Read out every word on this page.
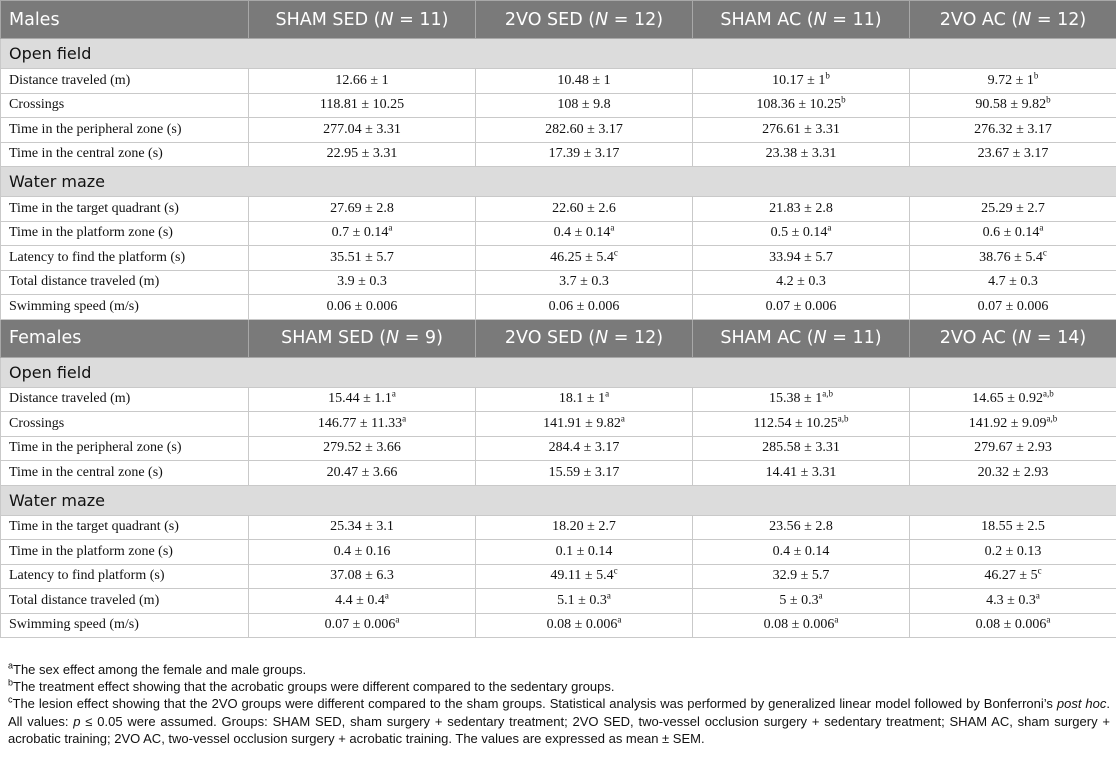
Males	SHAM SED (N = 11)	2VO SED (N = 12)	SHAM AC (N = 11)	2VO AC (N = 12)
Open field				
Distance traveled (m)	12.66 ± 1	10.48 ± 1	$10.17 \pm 1^b$	$9.72 \pm 1^b$
Crossings	118.81 ± 10.25	108 ± 9.8	108.36 ± 10.25$^b$	90.58 ± 9.82$^b$
Time in the peripheral zone (s)	277.04 ± 3.31	282.60 ± 3.17	276.61 ± 3.31	276.32 ± 3.17
Time in the central zone (s)	22.95 ± 3.31	17.39 ± 3.17	23.38 ± 3.31	23.67 ± 3.17
Water maze				
Time in the target quadrant (s)	27.69 ± 2.8	22.60 ± 2.6	21.83 ± 2.8	25.29 ± 2.7
Time in the platform zone (s)	0.7 ± 0.14$^a$	0.4 ± 0.14$^a$	0.5 ± 0.14$^a$	0.6 ± 0.14$^a$
Latency to find the platform (s)	35.51 ± 5.7	46.25 ± 5.4$^c$	33.94 ± 5.7	38.76 ± 5.4$^c$
Total distance traveled (m)	3.9 ± 0.3	3.7 ± 0.3	4.2 ± 0.3	4.7 ± 0.3
Swimming speed (m/s)	0.06 ± 0.006	0.06 ± 0.006	0.07 ± 0.006	0.07 ± 0.006
Females	SHAM SED (N = 9)	2VO SED (N = 12)	SHAM AC (N = 11)	2VO AC (N = 14)
Open field				
Distance traveled (m)	15.44 ± 1.1$^a$	$18.1 \pm 1^a$	$15.38 \pm 1^{a,b}$	$14.65 \pm 0.92^{a,b}$
Crossings	146.77 ± 11.33$^a$	141.91 ± 9.82$^a$	$112.54 \pm 10.25^{a,b}$	$141.92 \pm 9.09^{a,b}$
Time in the peripheral zone (s)	279.52 ± 3.66	284.4 ± 3.17	285.58 ± 3.31	279.67 ± 2.93
Time in the central zone (s)	20.47 ± 3.66	15.59 ± 3.17	14.41 ± 3.31	20.32 ± 2.93
Water maze				
Time in the target quadrant (s)	25.34 ± 3.1	18.20 ± 2.7	23.56 ± 2.8	18.55 ± 2.5
Time in the platform zone (s)	0.4 ± 0.16	0.1 ± 0.14	0.4 ± 0.14	0.2 ± 0.13
Latency to find platform (s)	37.08 ± 6.3	49.11 ± 5.4$^c$	32.9 ± 5.7	$46.27 \pm 5^c$
Total distance traveled (m)	4.4 ± 0.4$^a$	5.1 ± 0.3$^a$	5 ± 0.3$^a$	4.3 ± 0.3$^a$
Swimming speed (m/s)	0.07 ± 0.006$^a$	0.08 ± 0.006$^a$	0.08 ± 0.006$^a$	0.08 ± 0.006$^a$

$^a$The sex effect among the female and male groups.

$^b$The treatment effect showing that the acrobatic groups were different compared to the sedentary groups.

$^c$The lesion effect showing that the 2VO groups were different compared to the sham groups. Statistical analysis was performed by generalized linear model followed by Bonferroni’s post hoc. All values: p ≤ 0.05 were assumed. Groups: SHAM SED, sham surgery + sedentary treatment; 2VO SED, two-vessel occlusion surgery + sedentary treatment; SHAM AC, sham surgery + acrobatic training; 2VO AC, two-vessel occlusion surgery + acrobatic training. The values are expressed as mean ± SEM.
